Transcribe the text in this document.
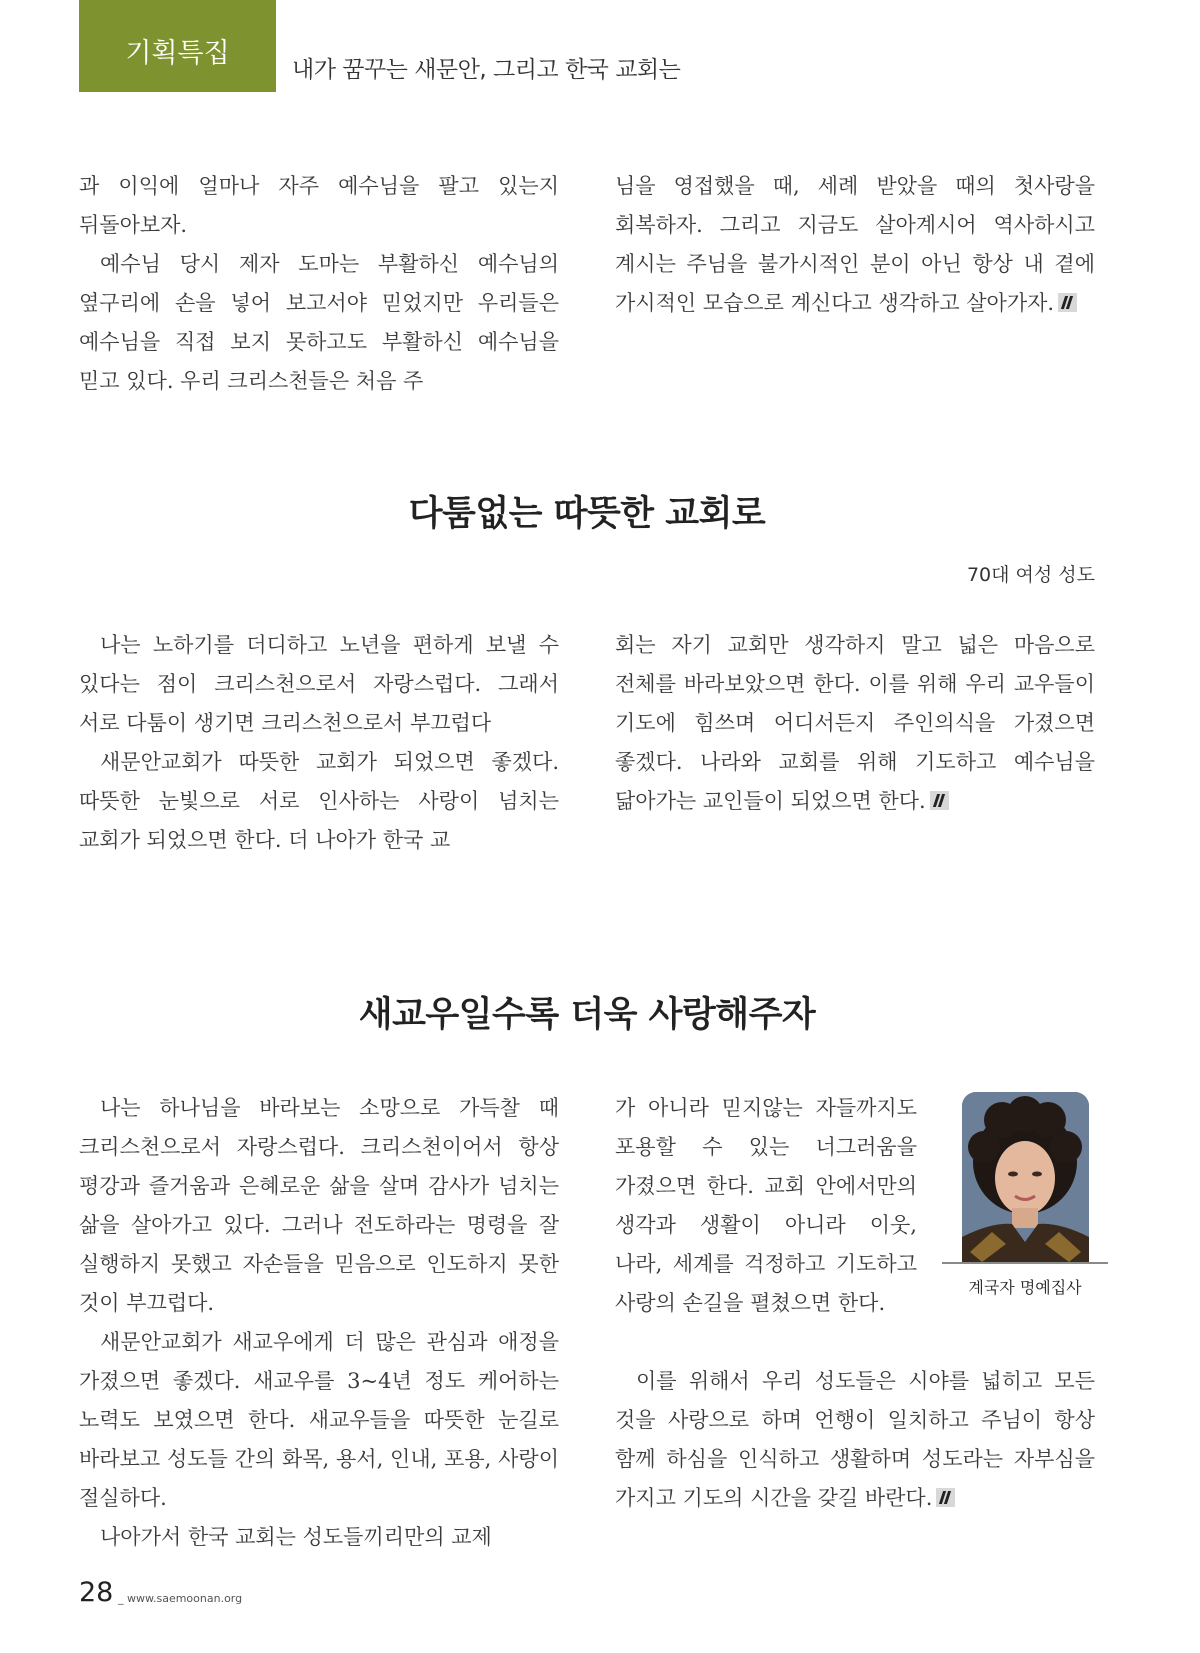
기획특집
내가 꿈꾸는 새문안, 그리고 한국 교회는

과 이익에 얼마나 자주 예수님을 팔고 있는지 뒤돌아보자.

예수님 당시 제자 도마는 부활하신 예수님의 옆구리에 손을 넣어 보고서야 믿었지만 우리들은 예수님을 직접 보지 못하고도 부활하신 예수님을 믿고 있다. 우리 크리스천들은 처음 주

님을 영접했을 때, 세례 받았을 때의 첫사랑을 회복하자. 그리고 지금도 살아계시어 역사하시고 계시는 주님을 불가시적인 분이 아닌 항상 내 곁에 가시적인 모습으로 계신다고 생각하고 살아가자.

다툼없는 따뜻한 교회로
70대 여성 성도

나는 노하기를 더디하고 노년을 편하게 보낼 수 있다는 점이 크리스천으로서 자랑스럽다. 그래서 서로 다툼이 생기면 크리스천으로서 부끄럽다

새문안교회가 따뜻한 교회가 되었으면 좋겠다. 따뜻한 눈빛으로 서로 인사하는 사랑이 넘치는 교회가 되었으면 한다. 더 나아가 한국 교

회는 자기 교회만 생각하지 말고 넓은 마음으로 전체를 바라보았으면 한다. 이를 위해 우리 교우들이 기도에 힘쓰며 어디서든지 주인의식을 가졌으면 좋겠다. 나라와 교회를 위해 기도하고 예수님을 닮아가는 교인들이 되었으면 한다.

새교우일수록 더욱 사랑해주자

나는 하나님을 바라보는 소망으로 가득찰 때 크리스천으로서 자랑스럽다. 크리스천이어서 항상 평강과 즐거움과 은혜로운 삶을 살며 감사가 넘치는 삶을 살아가고 있다. 그러나 전도하라는 명령을 잘 실행하지 못했고 자손들을 믿음으로 인도하지 못한 것이 부끄럽다.

새문안교회가 새교우에게 더 많은 관심과 애정을 가졌으면 좋겠다. 새교우를 3~4년 정도 케어하는 노력도 보였으면 한다. 새교우들을 따뜻한 눈길로 바라보고 성도들 간의 화목, 용서, 인내, 포용, 사랑이 절실하다.

나아가서 한국 교회는 성도들끼리만의 교제

가 아니라 믿지않는 자들까지도 포용할 수 있는 너그러움을 가졌으면 한다. 교회 안에서만의 생각과 생활이 아니라 이웃, 나라, 세계를 걱정하고 기도하고 사랑의 손길을 펼쳤으면 한다.

이를 위해서 우리 성도들은 시야를 넓히고 모든 것을 사랑으로 하며 언행이 일치하고 주님이 항상 함께 하심을 인식하고 생활하며 성도라는 자부심을 가지고 기도의 시간을 갖길 바란다.

계국자 명예집사
28 _ www.saemoonan.org
